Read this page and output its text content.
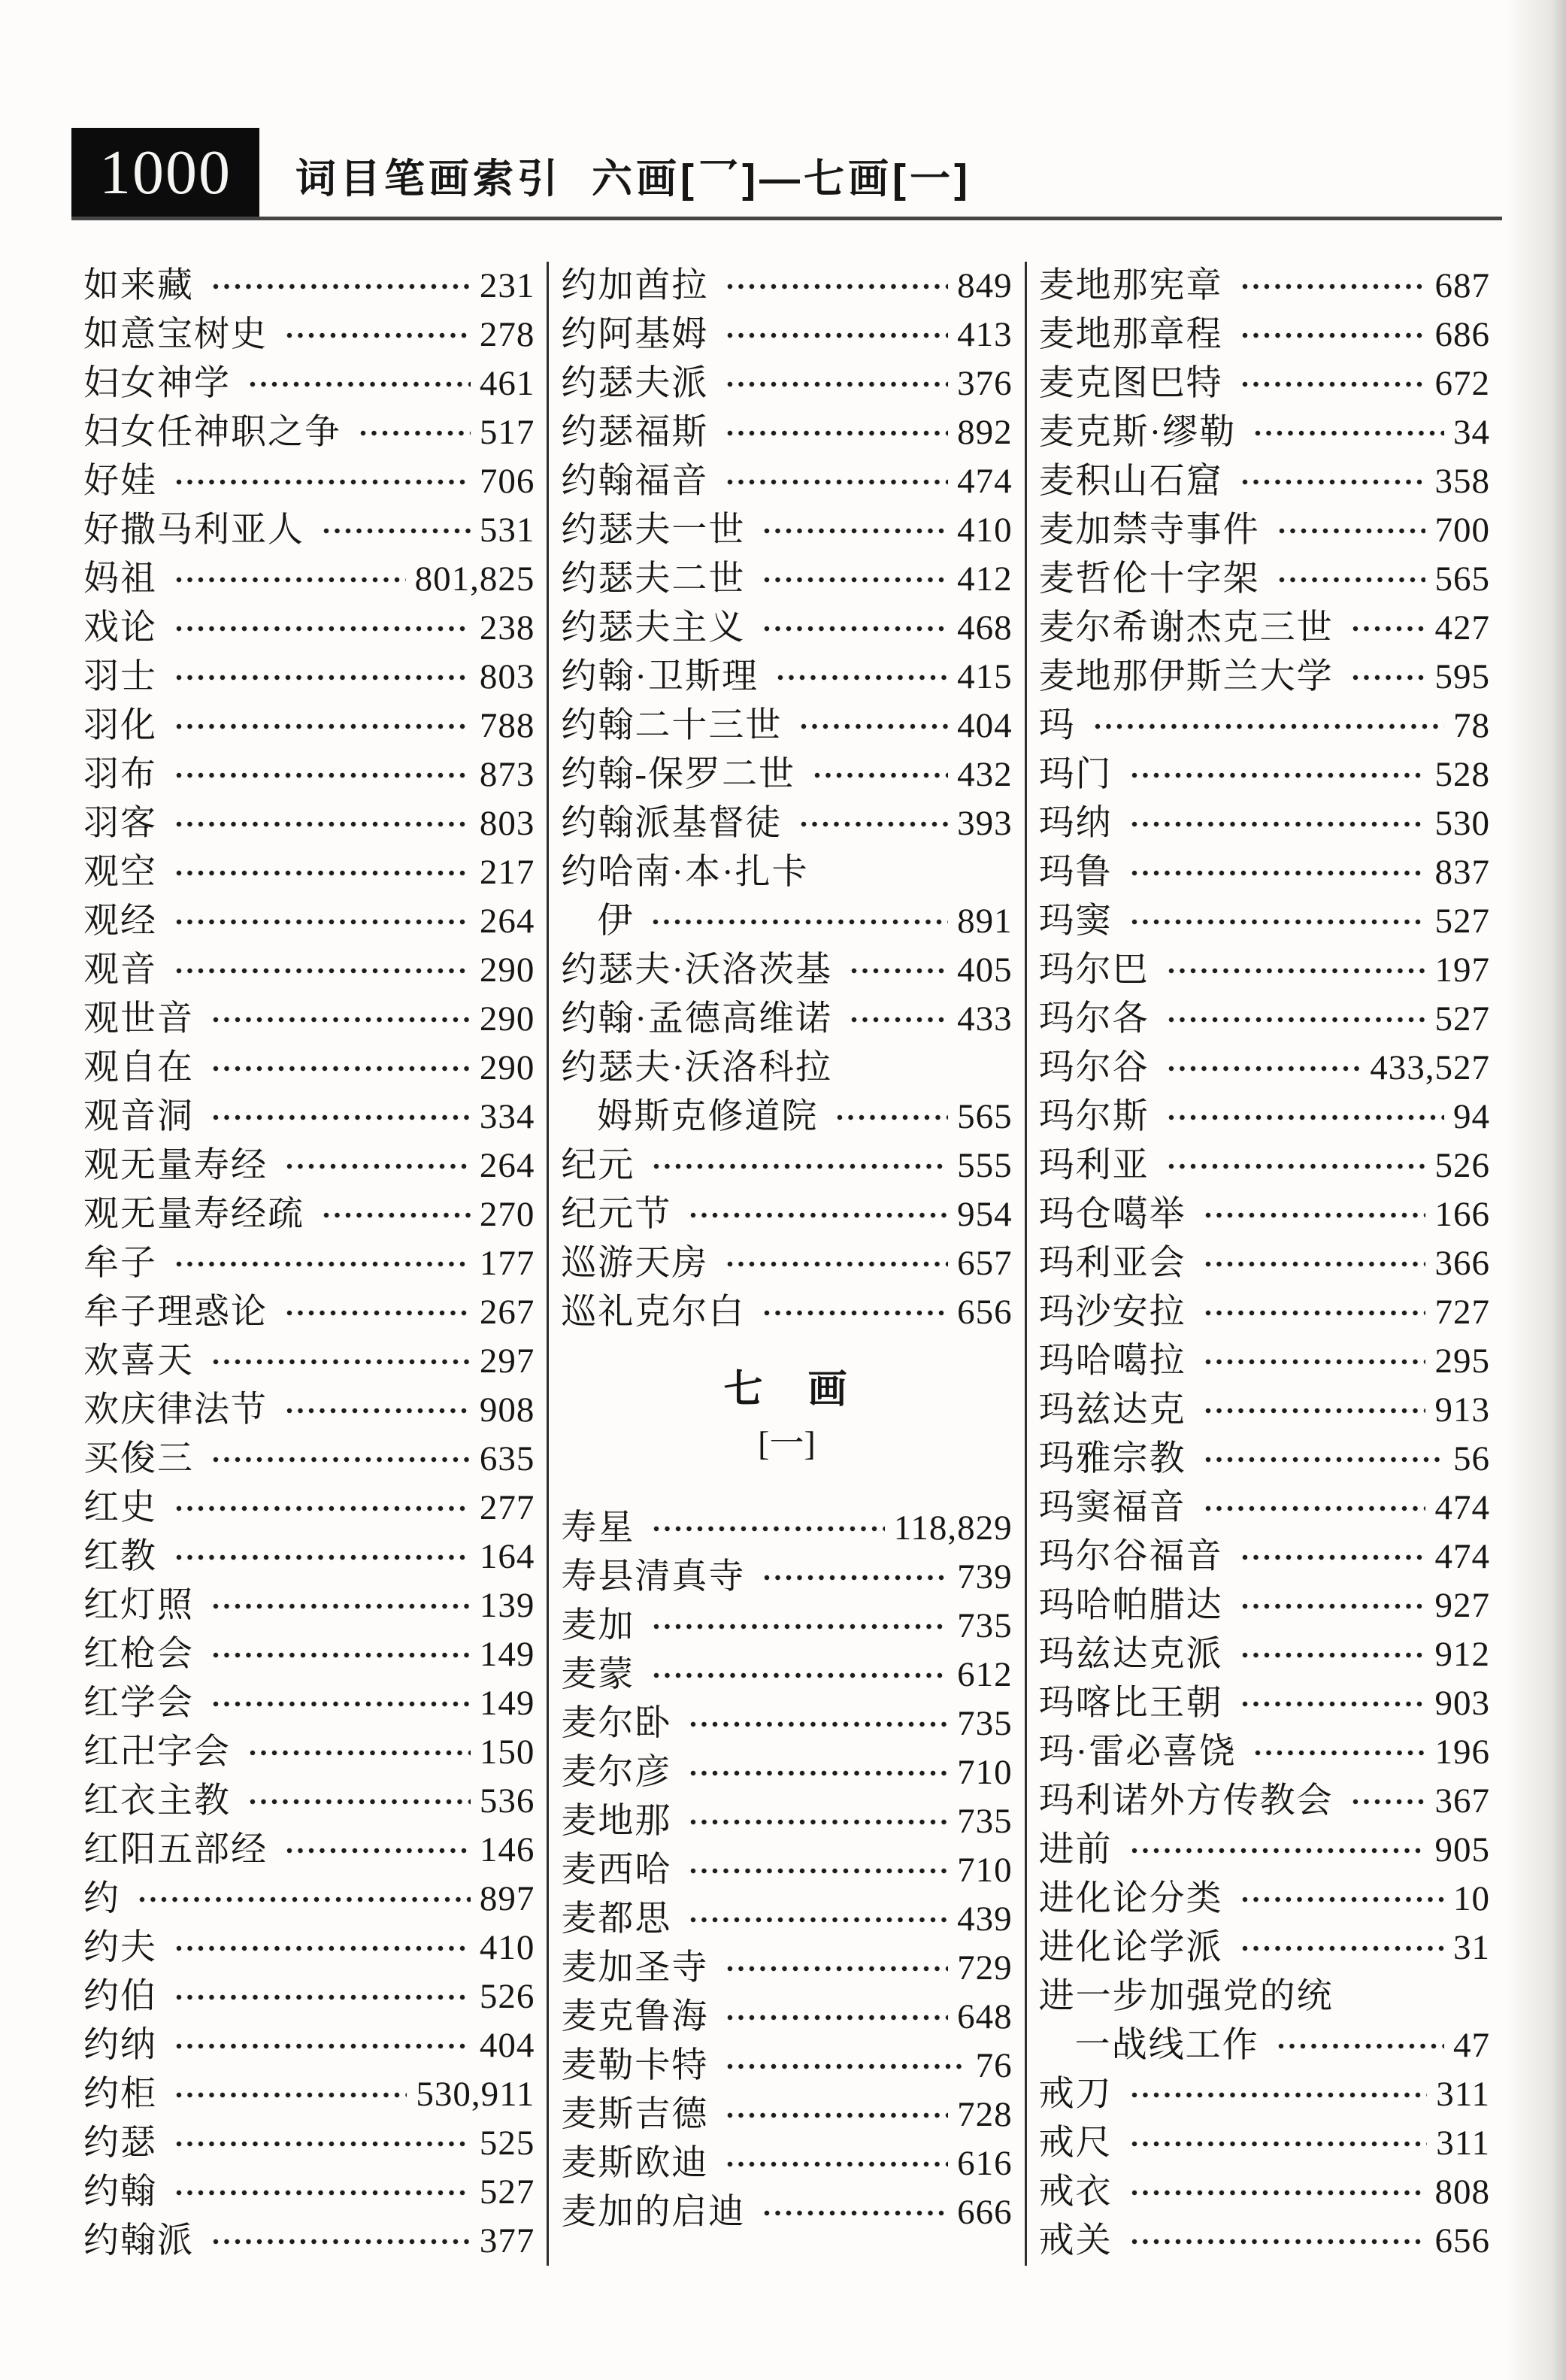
1000 词目笔画索引 六画[乛]—七画[一]
如来藏	231
如意宝树史	278
妇女神学	461
妇女任神职之争	517
好娃	706
好撒马利亚人	531
妈祖	801,825
戏论	238
羽士	803
羽化	788
羽布	873
羽客	803
观空	217
观经	264
观音	290
观世音	290
观自在	290
观音洞	334
观无量寿经	264
观无量寿经疏	270
牟子	177
牟子理惑论	267
欢喜天	297
欢庆律法节	908
买俊三	635
红史	277
红教	164
红灯照	139
红枪会	149
红学会	149
红卍字会	150
红衣主教	536
红阳五部经	146
约	897
约夫	410
约伯	526
约纳	404
约柜	530,911
约瑟	525
约翰	527
约翰派	377
约加酋拉	849
约阿基姆	413
约瑟夫派	376
约瑟福斯	892
约翰福音	474
约瑟夫一世	410
约瑟夫二世	412
约瑟夫主义	468
约翰·卫斯理	415
约翰二十三世	404
约翰-保罗二世	432
约翰派基督徒	393
约哈南·本·扎卡
伊	891
约瑟夫·沃洛茨基	405
约翰·孟德高维诺	433
约瑟夫·沃洛科拉
姆斯克修道院	565
纪元	555
纪元节	954
巡游天房	657
巡礼克尔白	656
七　画
[一]
寿星	118,829
寿县清真寺	739
麦加	735
麦蒙	612
麦尔卧	735
麦尔彦	710
麦地那	735
麦西哈	710
麦都思	439
麦加圣寺	729
麦克鲁海	648
麦勒卡特	76
麦斯吉德	728
麦斯欧迪	616
麦加的启迪	666
麦地那宪章	687
麦地那章程	686
麦克图巴特	672
麦克斯·缪勒	34
麦积山石窟	358
麦加禁寺事件	700
麦哲伦十字架	565
麦尔希谢杰克三世	427
麦地那伊斯兰大学	595
玛	78
玛门	528
玛纳	530
玛鲁	837
玛窦	527
玛尔巴	197
玛尔各	527
玛尔谷	433,527
玛尔斯	94
玛利亚	526
玛仓噶举	166
玛利亚会	366
玛沙安拉	727
玛哈噶拉	295
玛兹达克	913
玛雅宗教	56
玛窦福音	474
玛尔谷福音	474
玛哈帕腊达	927
玛兹达克派	912
玛喀比王朝	903
玛·雷必喜饶	196
玛利诺外方传教会	367
进前	905
进化论分类	10
进化论学派	31
进一步加强党的统
一战线工作	47
戒刀	311
戒尺	311
戒衣	808
戒关	656
